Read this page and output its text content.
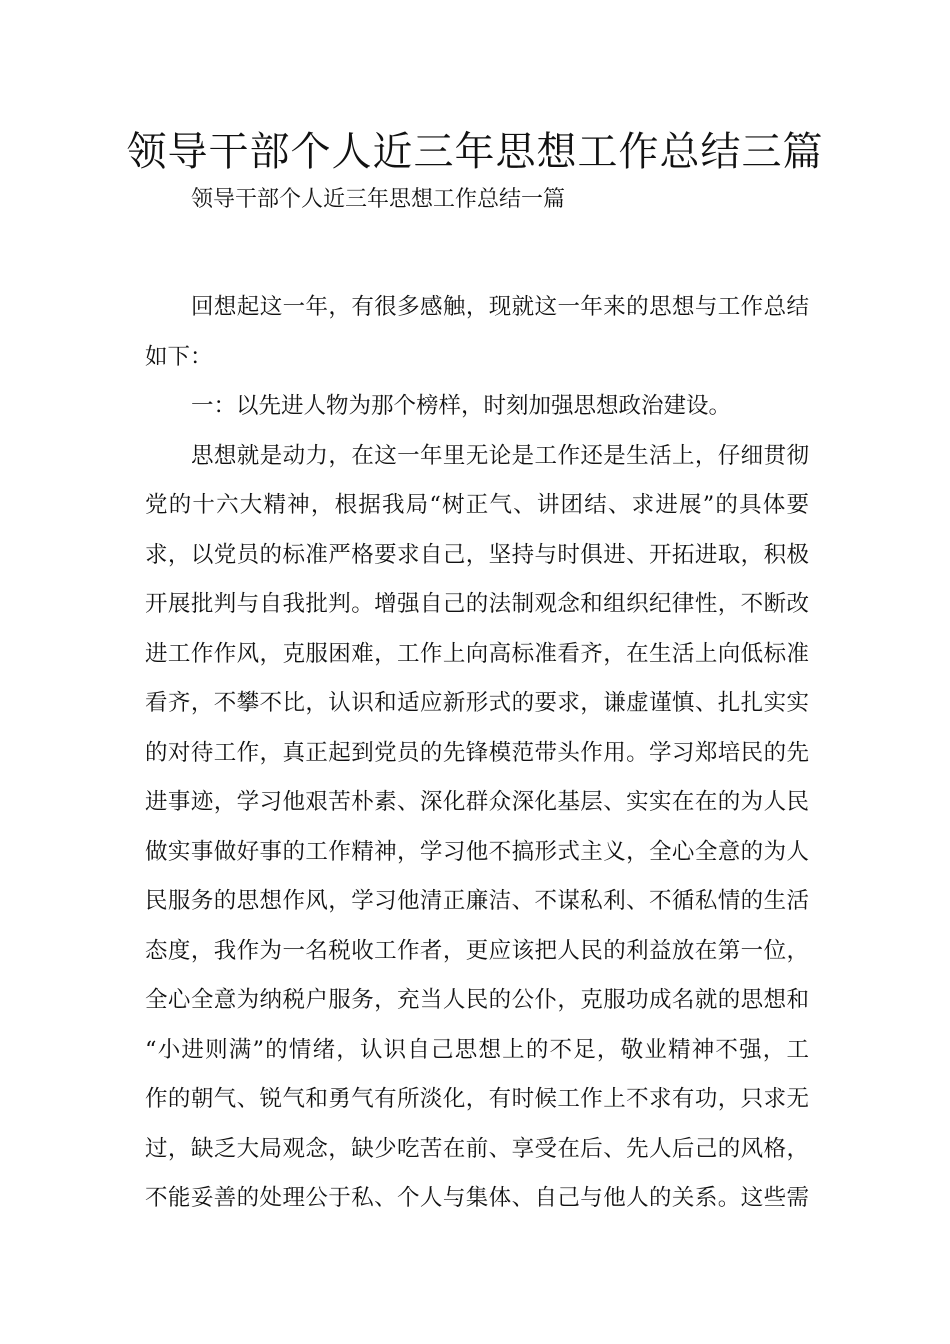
领导干部个人近三年思想工作总结三篇
领导干部个人近三年思想工作总结一篇
回想起这一年，有很多感触，现就这一年来的思想与工作总结
如下：
一：以先进人物为那个榜样，时刻加强思想政治建设。
思想就是动力，在这一年里无论是工作还是生活上，仔细贯彻
党的十六大精神，根据我局“树正气、讲团结、求进展”的具体要
求，以党员的标准严格要求自己，坚持与时俱进、开拓进取，积极
开展批判与自我批判。增强自己的法制观念和组织纪律性，不断改
进工作作风，克服困难，工作上向高标准看齐，在生活上向低标准
看齐，不攀不比，认识和适应新形式的要求，谦虚谨慎、扎扎实实
的对待工作，真正起到党员的先锋模范带头作用。学习郑培民的先
进事迹，学习他艰苦朴素、深化群众深化基层、实实在在的为人民
做实事做好事的工作精神，学习他不搞形式主义，全心全意的为人
民服务的思想作风，学习他清正廉洁、不谋私利、不循私情的生活
态度，我作为一名税收工作者，更应该把人民的利益放在第一位，
全心全意为纳税户服务，充当人民的公仆，克服功成名就的思想和
“小进则满”的情绪，认识自己思想上的不足，敬业精神不强，工
作的朝气、锐气和勇气有所淡化，有时候工作上不求有功，只求无
过，缺乏大局观念，缺少吃苦在前、享受在后、先人后己的风格，
不能妥善的处理公于私、个人与集体、自己与他人的关系。这些需
